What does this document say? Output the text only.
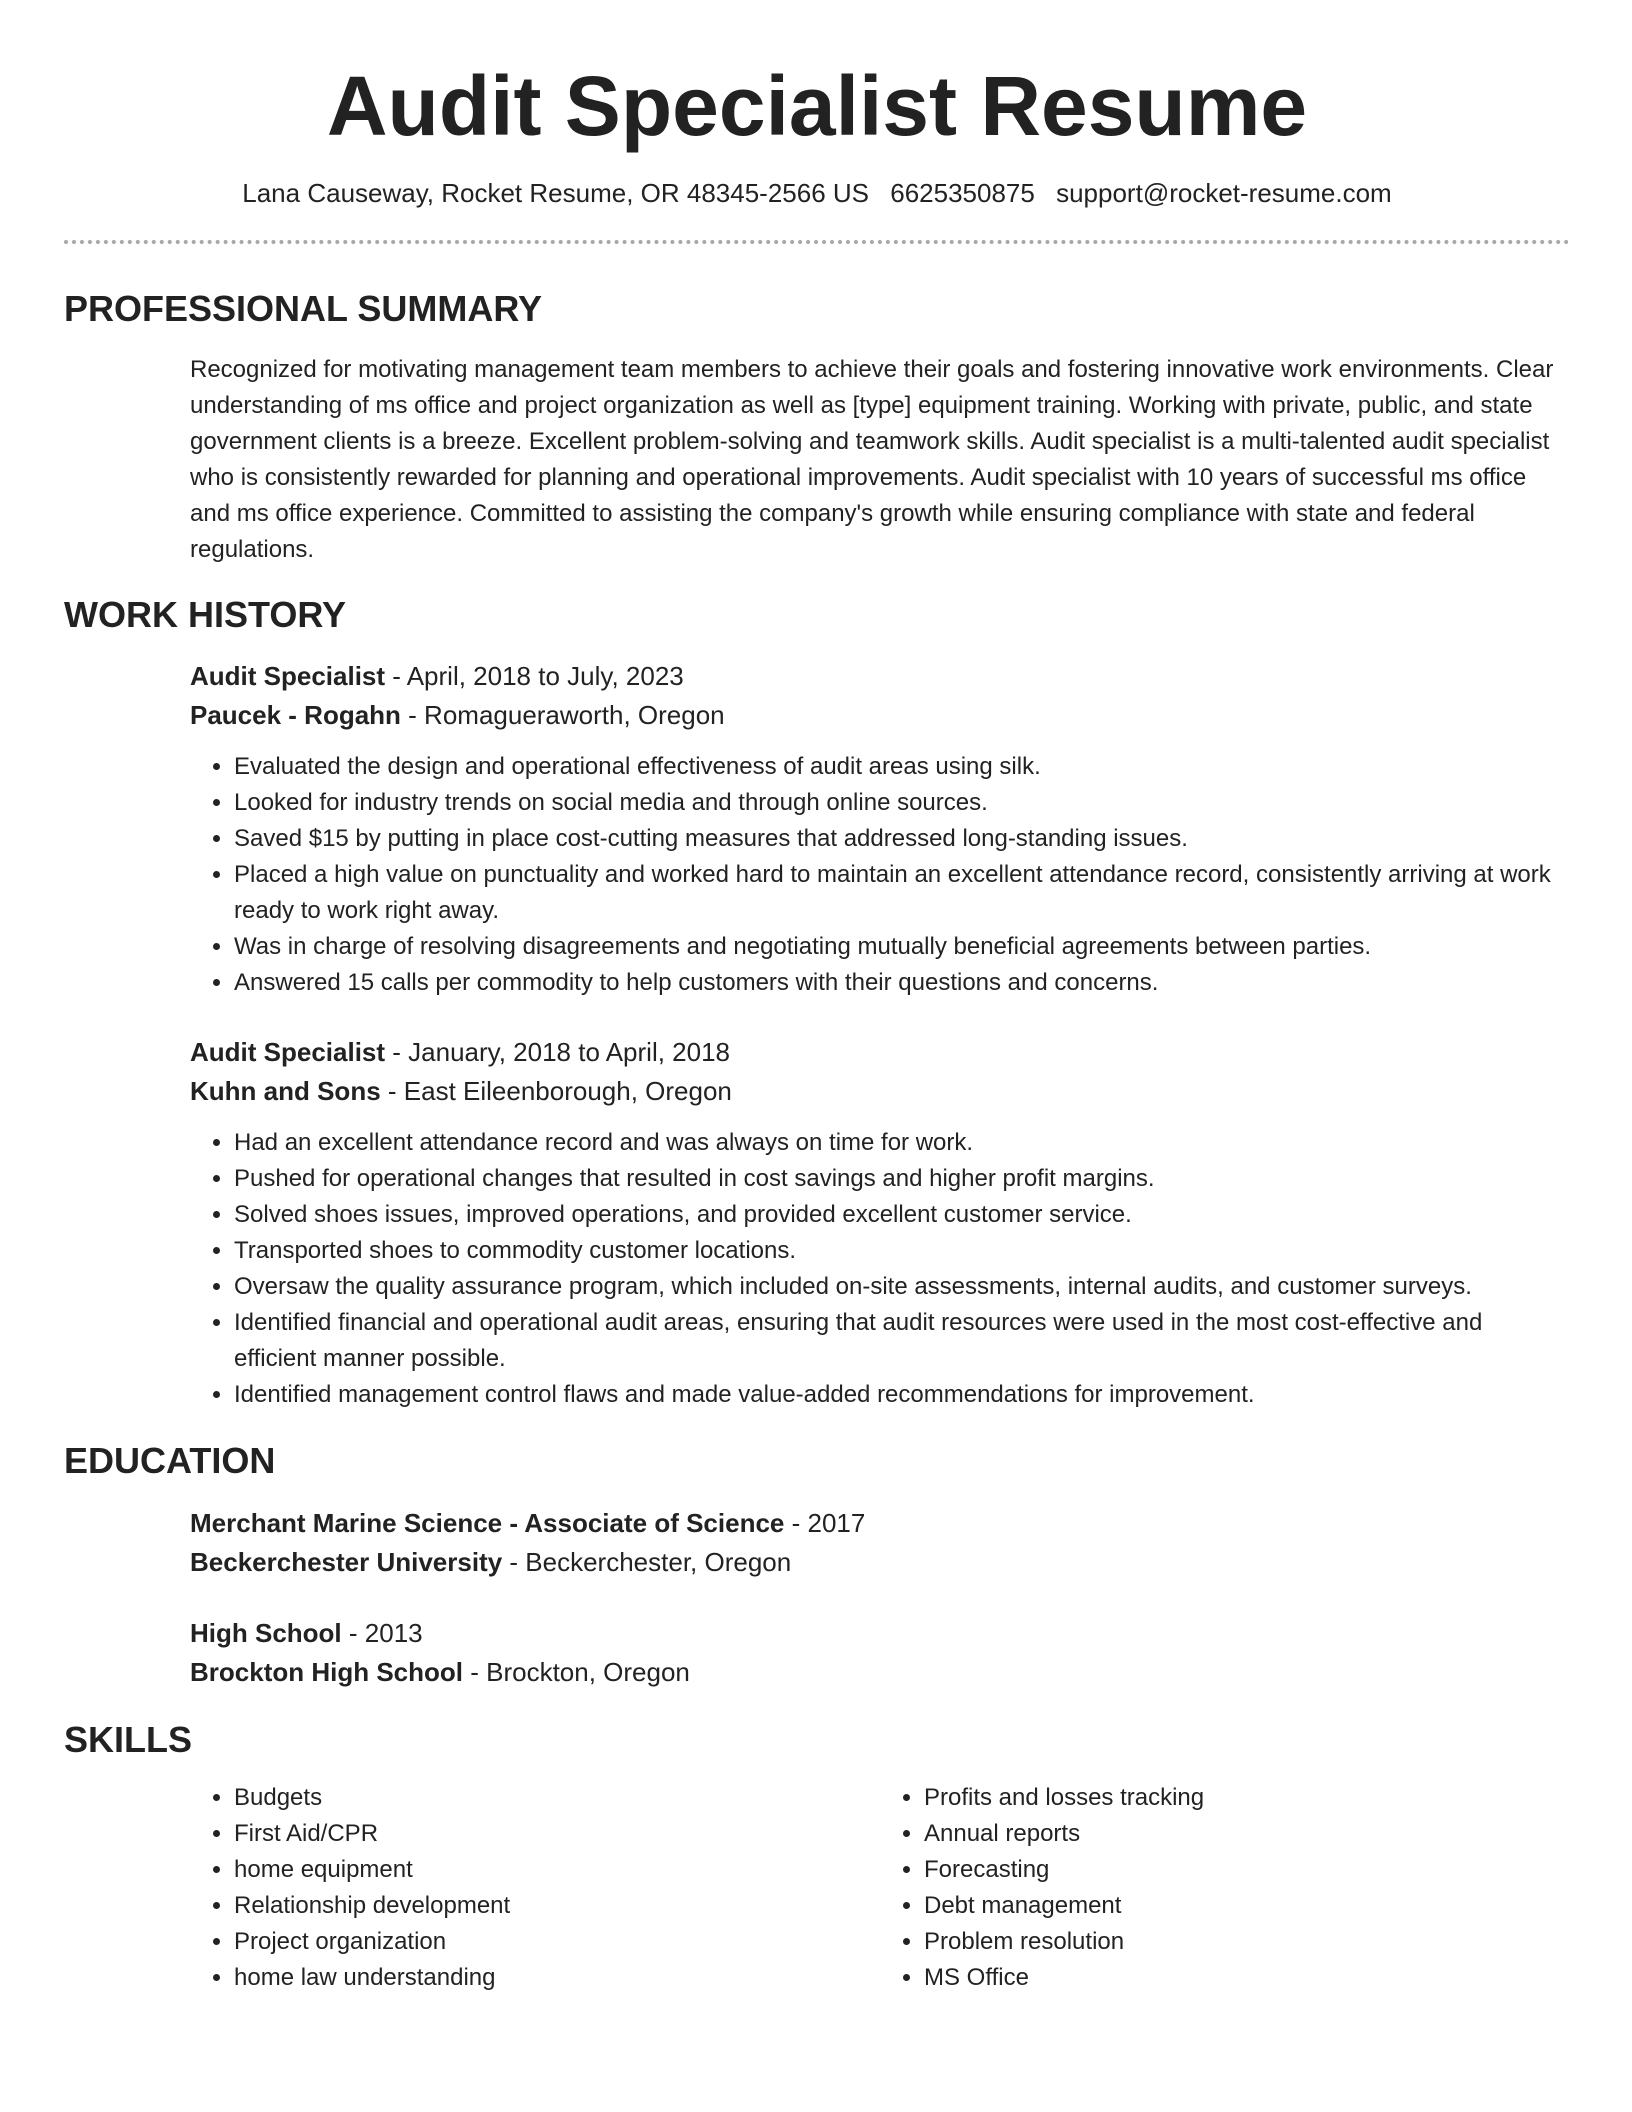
Audit Specialist Resume
Lana Causeway, Rocket Resume, OR 48345-2566 US 6625350875 support@rocket-resume.com
PROFESSIONAL SUMMARY

Recognized for motivating management team members to achieve their goals and fostering innovative work environments. Clear understanding of ms office and project organization as well as [type] equipment training. Working with private, public, and state government clients is a breeze. Excellent problem-solving and teamwork skills. Audit specialist is a multi-talented audit specialist who is consistently rewarded for planning and operational improvements. Audit specialist with 10 years of successful ms office and ms office experience. Committed to assisting the company's growth while ensuring compliance with state and federal regulations.

WORK HISTORY

Audit Specialist - April, 2018 to July, 2023

Paucek - Rogahn - Romagueraworth, Oregon

• Evaluated the design and operational effectiveness of audit areas using silk.
• Looked for industry trends on social media and through online sources.
• Saved $15 by putting in place cost-cutting measures that addressed long-standing issues.
• Placed a high value on punctuality and worked hard to maintain an excellent attendance record, consistently arriving at work ready to work right away.
• Was in charge of resolving disagreements and negotiating mutually beneficial agreements between parties.
• Answered 15 calls per commodity to help customers with their questions and concerns.

Audit Specialist - January, 2018 to April, 2018

Kuhn and Sons - East Eileenborough, Oregon

• Had an excellent attendance record and was always on time for work.
• Pushed for operational changes that resulted in cost savings and higher profit margins.
• Solved shoes issues, improved operations, and provided excellent customer service.
• Transported shoes to commodity customer locations.
• Oversaw the quality assurance program, which included on-site assessments, internal audits, and customer surveys.
• Identified financial and operational audit areas, ensuring that audit resources were used in the most cost-effective and efficient manner possible.
• Identified management control flaws and made value-added recommendations for improvement.
EDUCATION

Merchant Marine Science - Associate of Science - 2017

Beckerchester University - Beckerchester, Oregon

High School - 2013

Brockton High School - Brockton, Oregon

SKILLS
• Budgets
• First Aid/CPR
• home equipment
• Relationship development
• Project organization
• home law understanding
• Profits and losses tracking
• Annual reports
• Forecasting
• Debt management
• Problem resolution
• MS Office
